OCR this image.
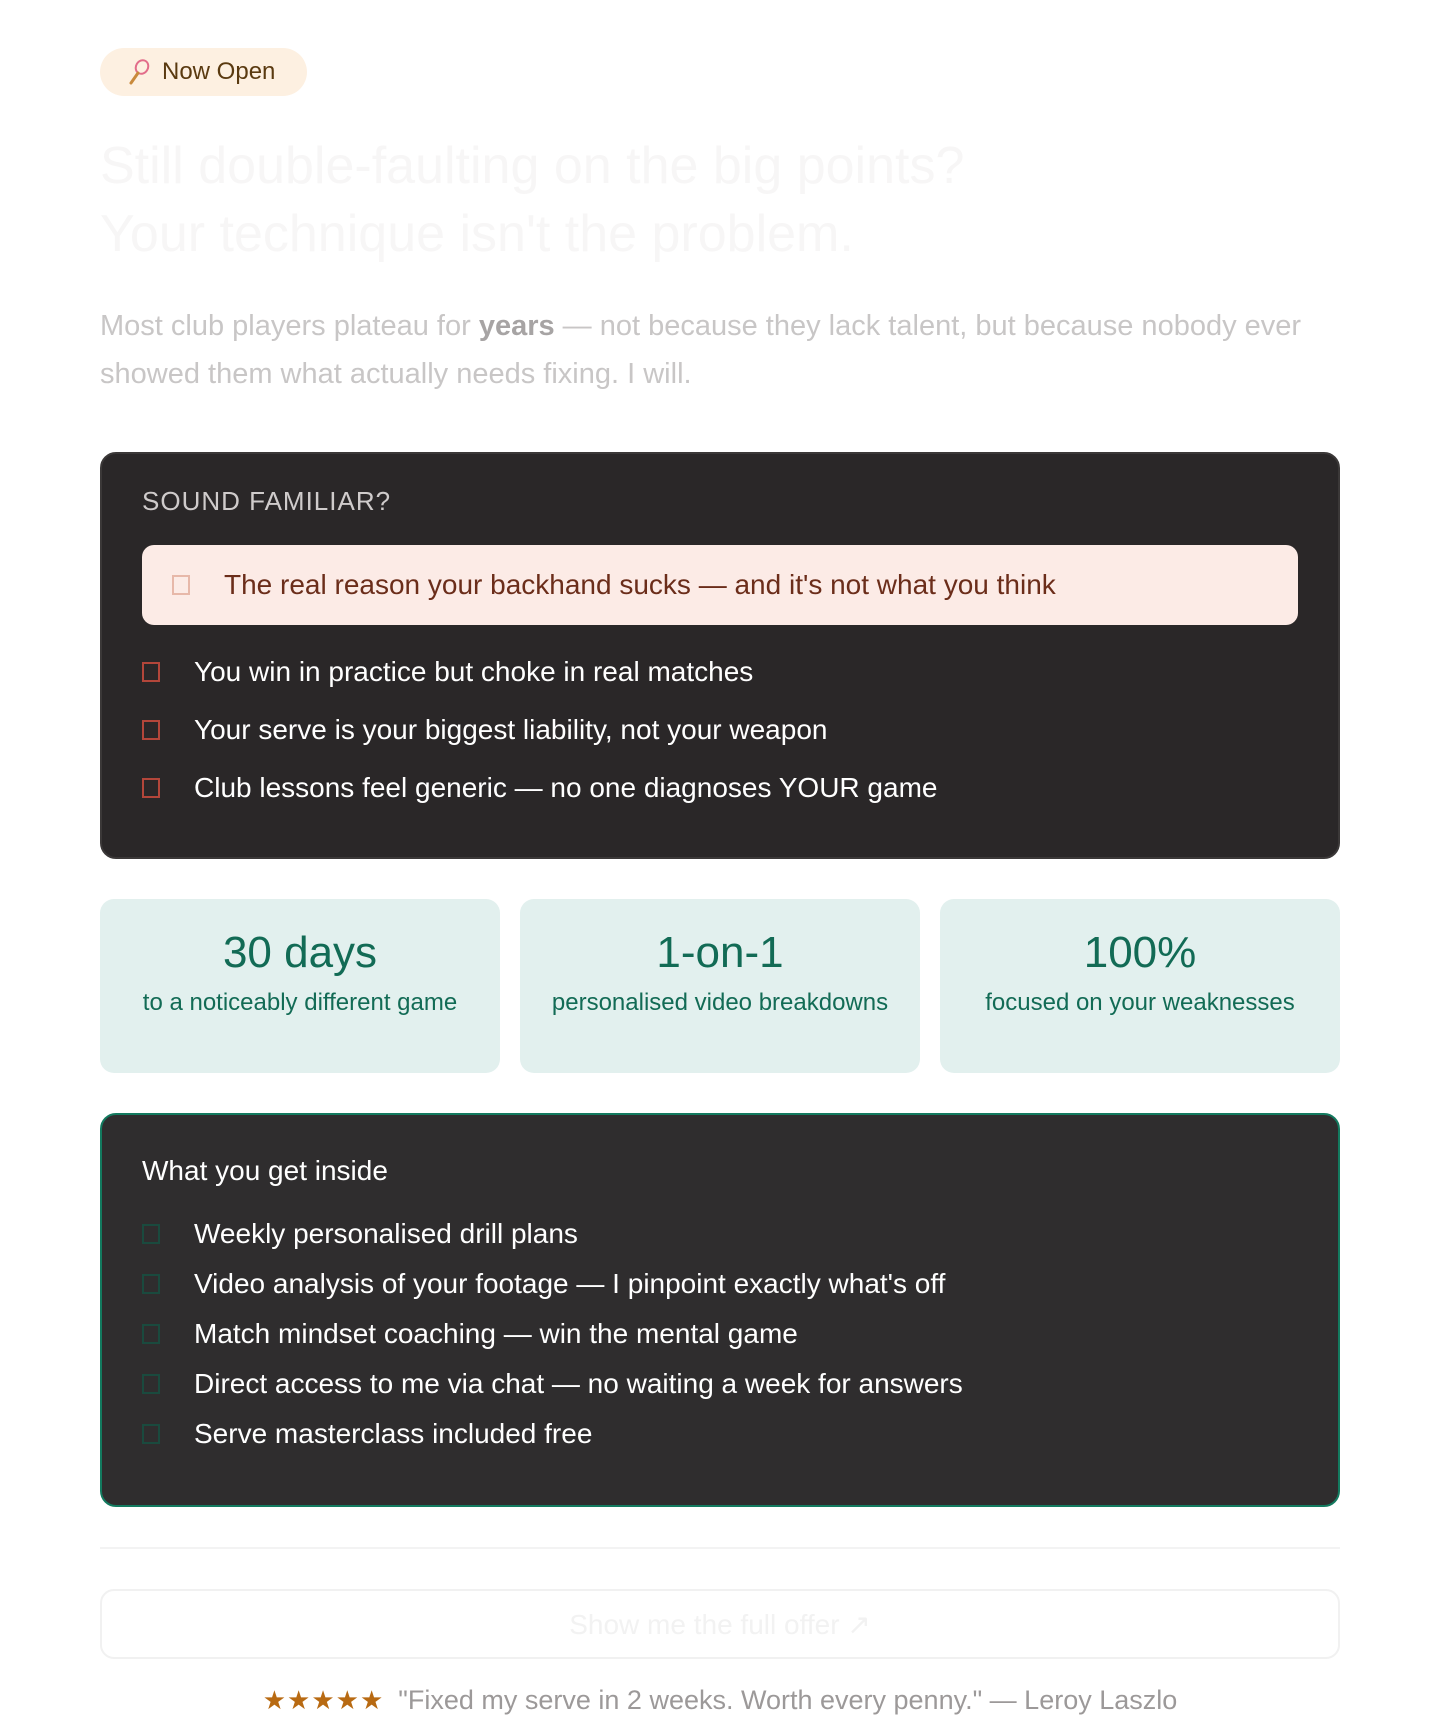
Now Open
Still double-faulting on the big points?
Your technique isn't the problem.

Most club players plateau for years — not because they lack talent, but because nobody ever showed them what actually needs fixing. I will.

SOUND FAMILIAR?
The real reason your backhand sucks — and it's not what you think
You win in practice but choke in real matches
Your serve is your biggest liability, not your weapon
Club lessons feel generic — no one diagnoses YOUR game
30 days
to a noticeably different game
1-on-1
personalised video breakdowns
100%
focused on your weaknesses
What you get inside
Weekly personalised drill plans
Video analysis of your footage — I pinpoint exactly what's off
Match mindset coaching — win the mental game
Direct access to me via chat — no waiting a week for answers
Serve masterclass included free
Show me the full offer ↗
★★★★★ "Fixed my serve in 2 weeks. Worth every penny." — Leroy Laszlo
